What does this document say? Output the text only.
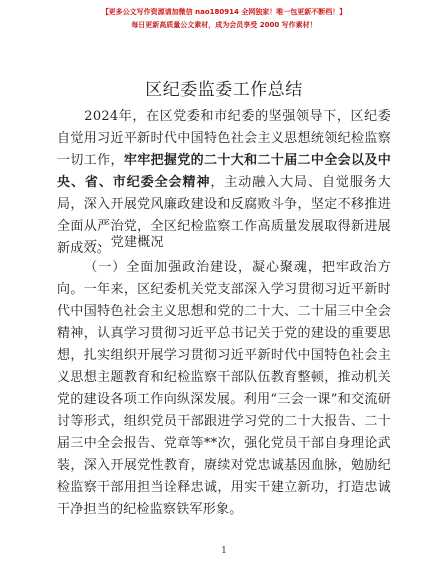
【更多公文写作资源请加微信 nao180914 全网独家！唯一包更新不断档！】
每日更新高质量公文素材，成为会员享受 2000 写作素材！
区纪委监委工作总结

2024年，在区党委和市纪委的坚强领导下，区纪委自觉用习近平新时代中国特色社会主义思想统领纪检监察一切工作，牢牢把握党的二十大和二十届二中全会以及中央、省、市纪委全会精神，主动融入大局、自觉服务大局，深入开展党风廉政建设和反腐败斗争，坚定不移推进全面从严治党，全区纪检监察工作高质量发展取得新进展新成效。

一、党建概况

（一）全面加强政治建设，凝心聚魂，把牢政治方向。一年来，区纪委机关党支部深入学习贯彻习近平新时代中国特色社会主义思想和党的二十大、二十届三中全会精神，认真学习贯彻习近平总书记关于党的建设的重要思想，扎实组织开展学习贯彻习近平新时代中国特色社会主义思想主题教育和纪检监察干部队伍教育整顿，推动机关党的建设各项工作向纵深发展。利用“三会一课”和交流研讨等形式，组织党员干部跟进学习党的二十大报告、二十届三中全会报告、党章等**次，强化党员干部自身理论武装，深入开展党性教育，赓续对党忠诚基因血脉，勉励纪检监察干部用担当诠释忠诚，用实干建立新功，打造忠诚干净担当的纪检监察铁军形象。

1
